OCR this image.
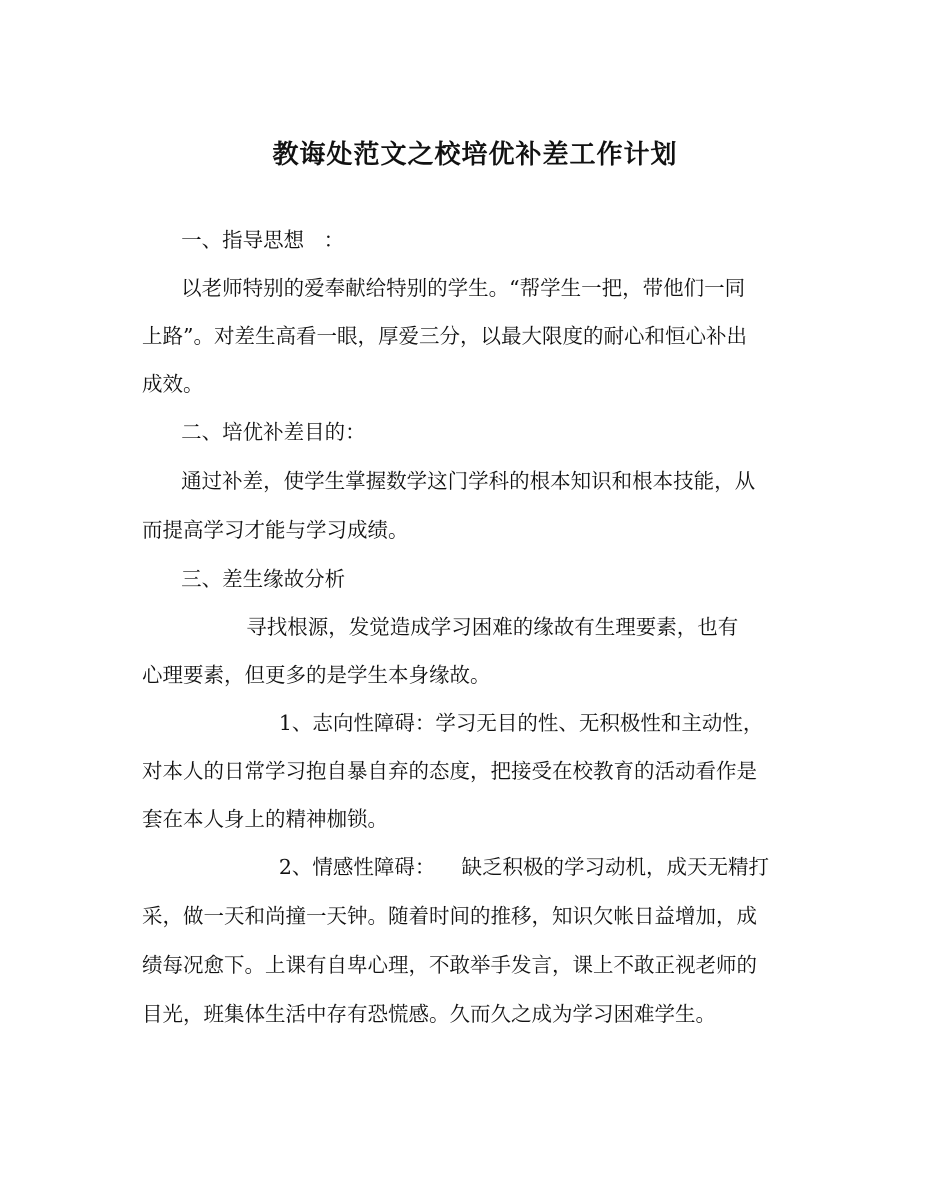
教诲处范文之校培优补差工作计划
一、指导思想   ：
以老师特别的爱奉献给特别的学生。“帮学生一把，带他们一同
上路”。对差生高看一眼，厚爱三分，以最大限度的耐心和恒心补出
成效。
二、培优补差目的：
通过补差，使学生掌握数学这门学科的根本知识和根本技能，从
而提高学习才能与学习成绩。
三、差生缘故分析
寻找根源，发觉造成学习困难的缘故有生理要素，也有
心理要素，但更多的是学生本身缘故。
1、志向性障碍：学习无目的性、无积极性和主动性，
对本人的日常学习抱自暴自弃的态度，把接受在校教育的活动看作是
套在本人身上的精神枷锁。
2、情感性障碍：    缺乏积极的学习动机，成天无精打
采，做一天和尚撞一天钟。随着时间的推移，知识欠帐日益增加，成
绩每况愈下。上课有自卑心理，不敢举手发言，课上不敢正视老师的
目光，班集体生活中存有恐慌感。久而久之成为学习困难学生。
